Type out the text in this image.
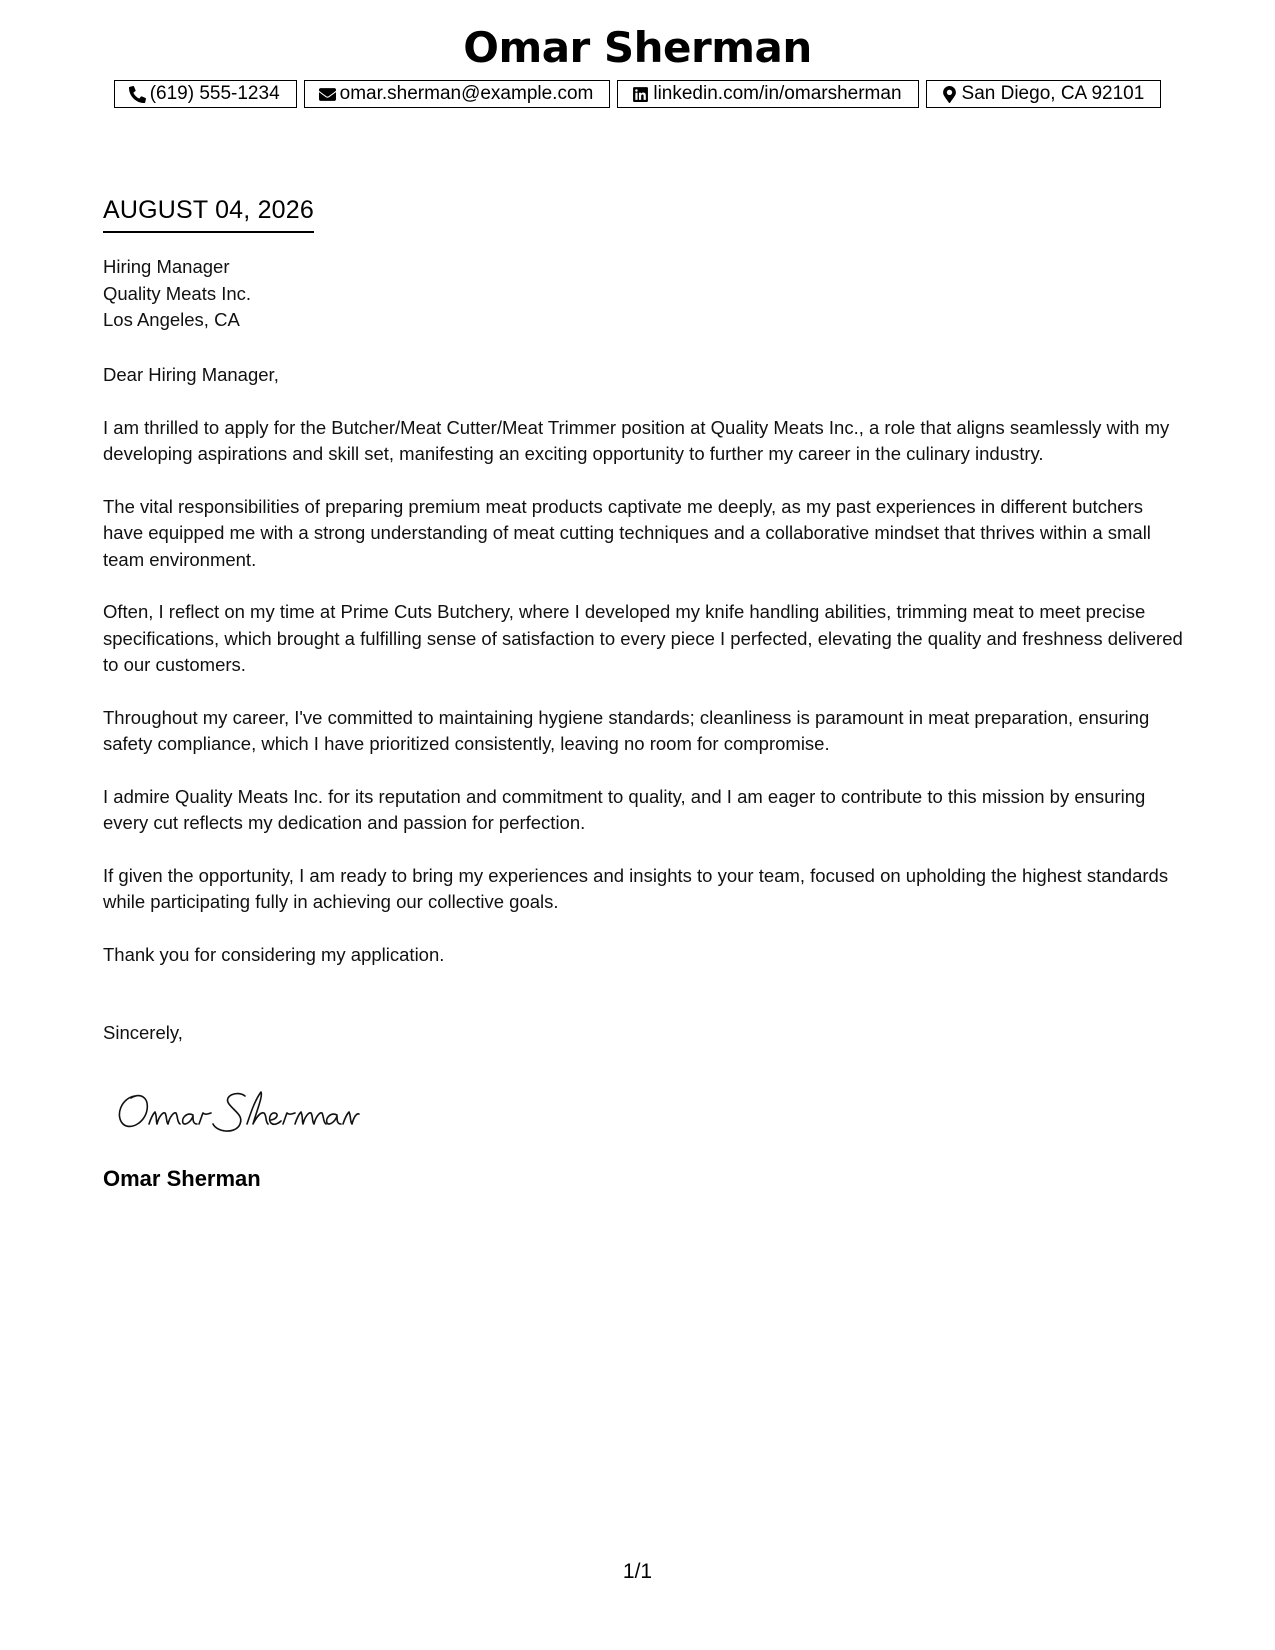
Omar Sherman
(619) 555-1234	omar.sherman@example.com	linkedin.com/in/omarsherman	San Diego, CA 92101
AUGUST 04, 2026
Hiring Manager
Quality Meats Inc.
Los Angeles, CA

Dear Hiring Manager,

I am thrilled to apply for the Butcher/Meat Cutter/Meat Trimmer position at Quality Meats Inc., a role that aligns seamlessly with my developing aspirations and skill set, manifesting an exciting opportunity to further my career in the culinary industry.

The vital responsibilities of preparing premium meat products captivate me deeply, as my past experiences in different butchers have equipped me with a strong understanding of meat cutting techniques and a collaborative mindset that thrives within a small team environment.

Often, I reflect on my time at Prime Cuts Butchery, where I developed my knife handling abilities, trimming meat to meet precise specifications, which brought a fulfilling sense of satisfaction to every piece I perfected, elevating the quality and freshness delivered to our customers.

Throughout my career, I've committed to maintaining hygiene standards; cleanliness is paramount in meat preparation, ensuring safety compliance, which I have prioritized consistently, leaving no room for compromise.

I admire Quality Meats Inc. for its reputation and commitment to quality, and I am eager to contribute to this mission by ensuring every cut reflects my dedication and passion for perfection.

If given the opportunity, I am ready to bring my experiences and insights to your team, focused on upholding the highest standards while participating fully in achieving our collective goals.

Thank you for considering my application.

Sincerely,
Omar Sherman
1/1
